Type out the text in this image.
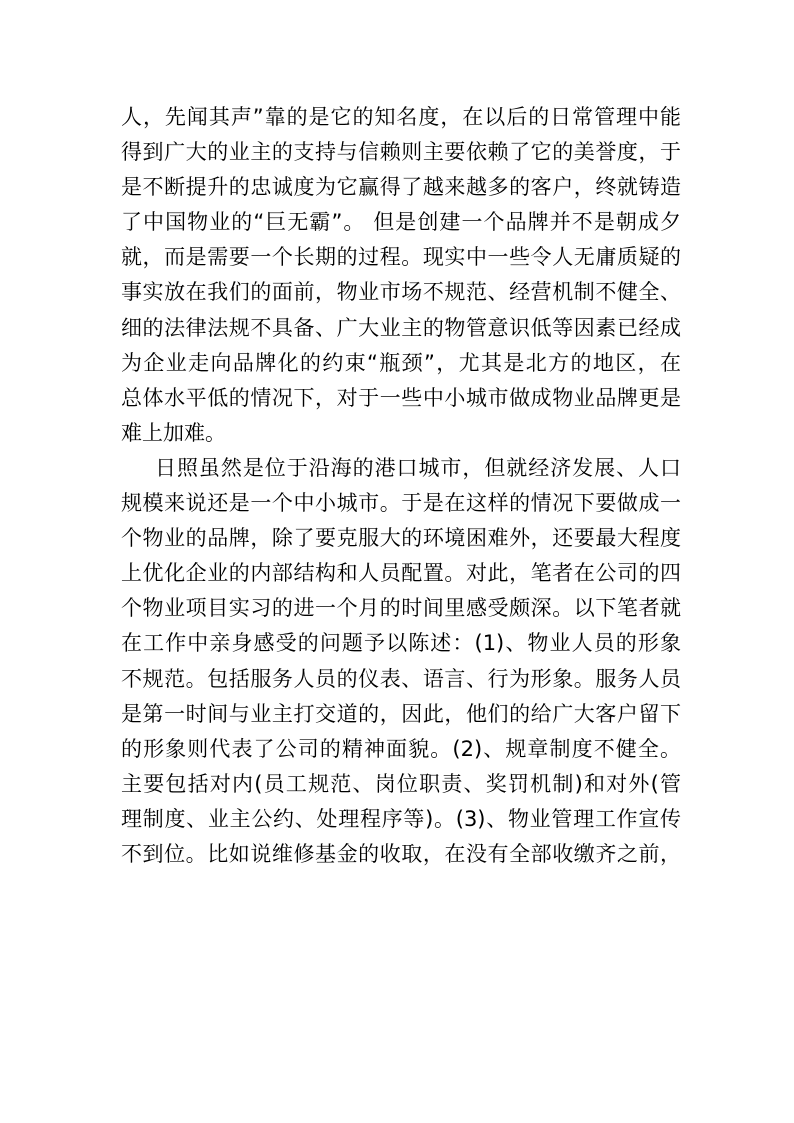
人，先闻其声”靠的是它的知名度，在以后的日常管理中能
得到广大的业主的支持与信赖则主要依赖了它的美誉度，于
是不断提升的忠诚度为它赢得了越来越多的客户，终就铸造
了中国物业的“巨无霸”。 但是创建一个品牌并不是朝成夕
就，而是需要一个长期的过程。现实中一些令人无庸质疑的
事实放在我们的面前，物业市场不规范、经营机制不健全、
细的法律法规不具备、广大业主的物管意识低等因素已经成
为企业走向品牌化的约束“瓶颈”，尤其是北方的地区，在
总体水平低的情况下，对于一些中小城市做成物业品牌更是
难上加难。
日照虽然是位于沿海的港口城市，但就经济发展、人口
规模来说还是一个中小城市。于是在这样的情况下要做成一
个物业的品牌，除了要克服大的环境困难外，还要最大程度
上优化企业的内部结构和人员配置。对此，笔者在公司的四
个物业项目实习的进一个月的时间里感受颇深。以下笔者就
在工作中亲身感受的问题予以陈述：(1)、物业人员的形象
不规范。包括服务人员的仪表、语言、行为形象。服务人员
是第一时间与业主打交道的，因此，他们的给广大客户留下
的形象则代表了公司的精神面貌。(2)、规章制度不健全。
主要包括对内(员工规范、岗位职责、奖罚机制)和对外(管
理制度、业主公约、处理程序等)。(3)、物业管理工作宣传
不到位。比如说维修基金的收取，在没有全部收缴齐之前，
